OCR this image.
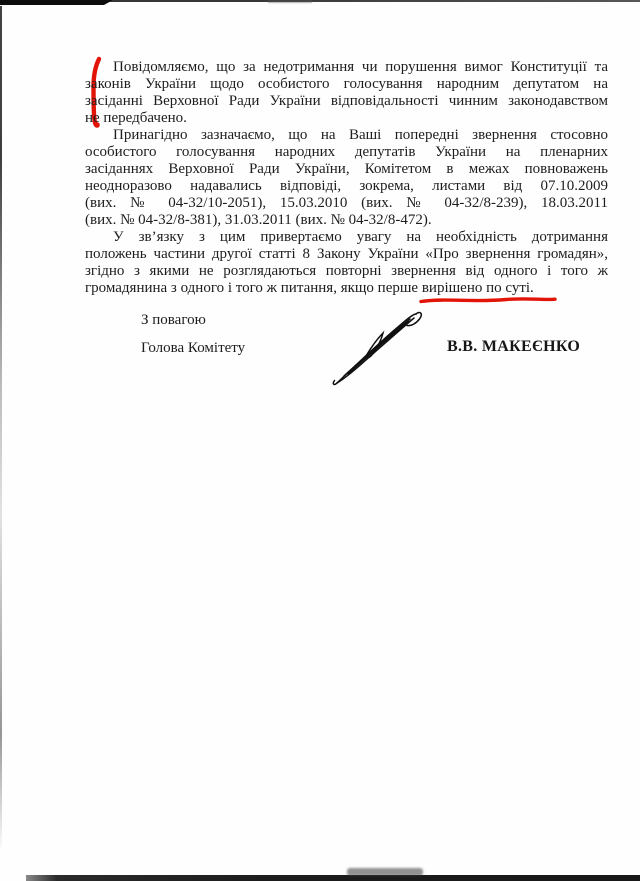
Повідомляємо, що за недотримання чи порушення вимог Конституції та
законів України щодо особистого голосування народним депутатом на
засіданні Верховної Ради України відповідальності чинним законодавством
не передбачено.
Принагідно зазначаємо, що на Ваші попередні звернення стосовно
особистого голосування народних депутатів України на пленарних
засіданнях Верховної Ради України, Комітетом в межах повноважень
неодноразово надавались відповіді, зокрема, листами від 07.10.2009
(вих. № 04-32/10-2051), 15.03.2010 (вих. № 04-32/8-239), 18.03.2011
(вих. № 04-32/8-381), 31.03.2011 (вих. № 04-32/8-472).
У зв’язку з цим привертаємо увагу на необхідність дотримання
положень частини другої статті 8 Закону України «Про звернення громадян»,
згідно з якими не розглядаються повторні звернення від одного і того ж
громадянина з одного і того ж питання, якщо перше вирішено по суті.
З повагою
Голова Комітету	В.В. МАКЕЄНКО
